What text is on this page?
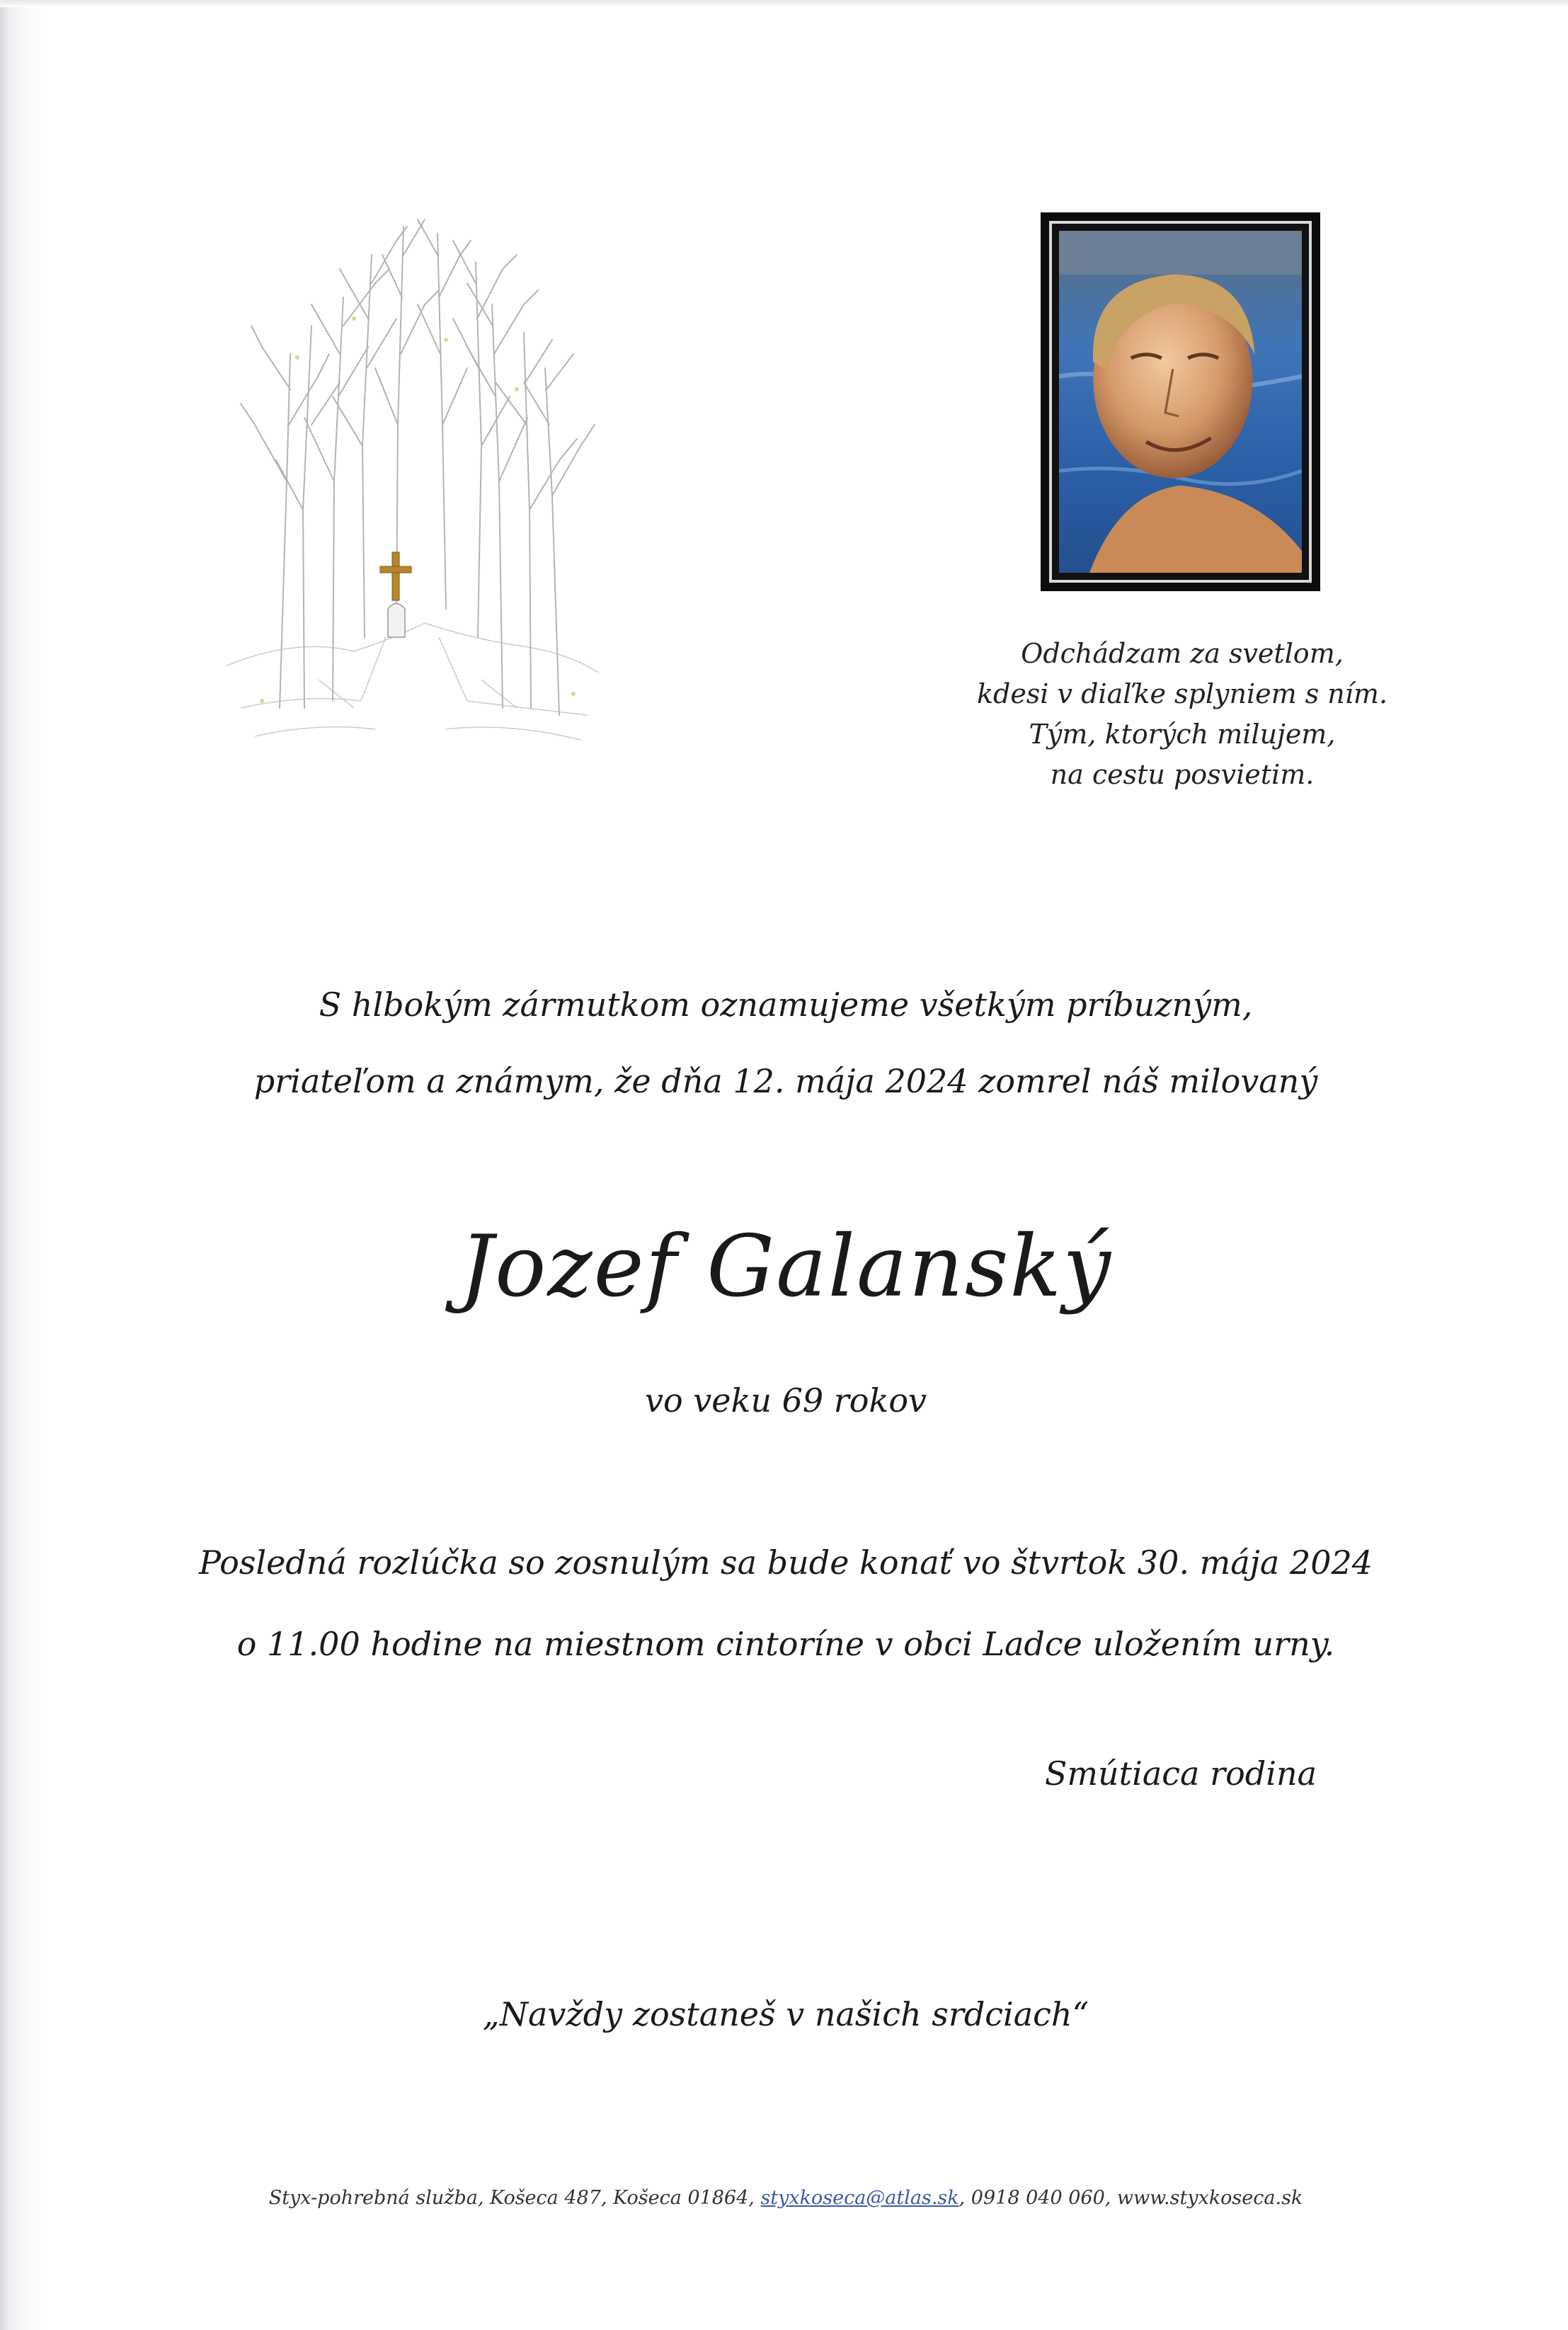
Odchádzam za svetlom,
kdesi v diaľke splyniem s ním.
Tým, ktorých milujem,
na cestu posvietim.
S hlbokým zármutkom oznamujeme všetkým príbuzným,
priateľom a známym, že dňa 12. mája 2024 zomrel náš milovaný
Jozef Galanský
vo veku 69 rokov
Posledná rozlúčka so zosnulým sa bude konať vo štvrtok 30. mája 2024
o 11.00 hodine na miestnom cintoríne v obci Ladce uložením urny.
Smútiaca rodina
„Navždy zostaneš v našich srdciach“
Styx-pohrebná služba, Košeca 487, Košeca 01864, styxkoseca@atlas.sk, 0918 040 060, www.styxkoseca.sk
